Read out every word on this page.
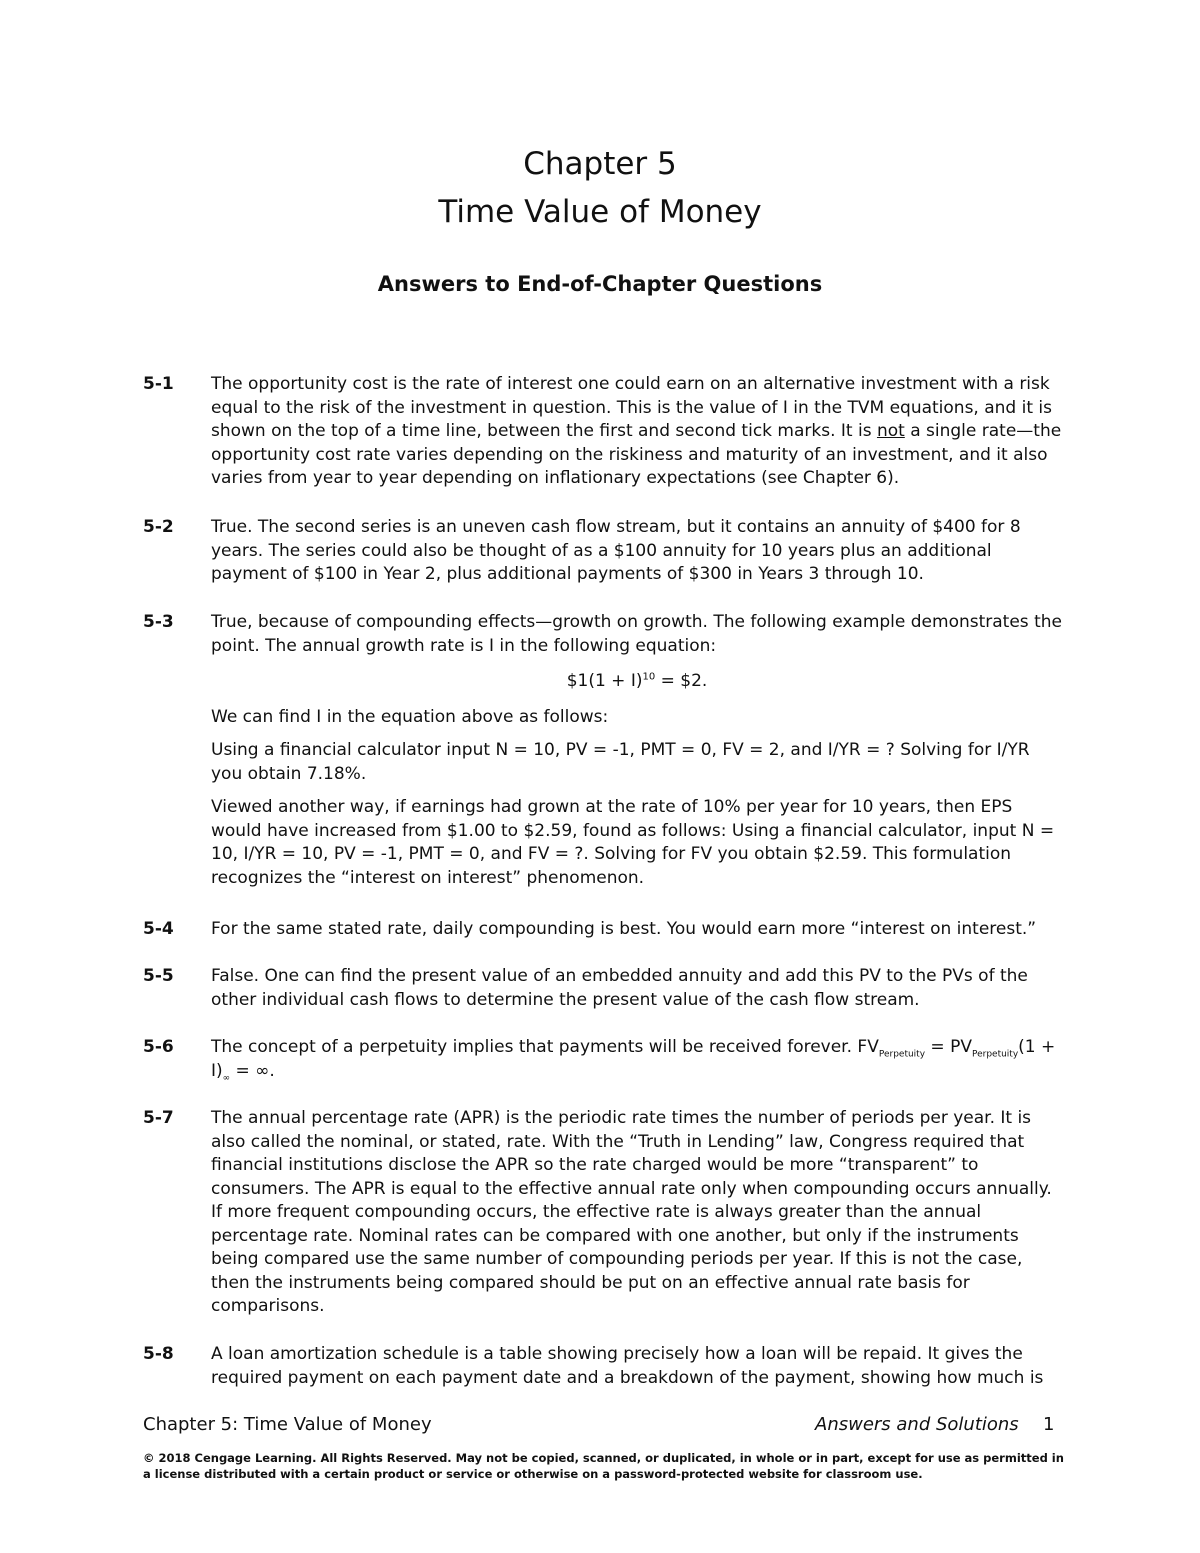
Chapter 5
Time Value of Money
Answers to End-of-Chapter Questions
5-1	The opportunity cost is the rate of interest one could earn on an alternative investment with a risk equal to the risk of the investment in question. This is the value of I in the TVM equations, and it is shown on the top of a time line, between the first and second tick marks. It is not a single rate—the opportunity cost rate varies depending on the riskiness and maturity of an investment, and it also varies from year to year depending on inflationary expectations (see Chapter 6).
5-2	True. The second series is an uneven cash flow stream, but it contains an annuity of $400 for 8 years. The series could also be thought of as a $100 annuity for 10 years plus an additional payment of $100 in Year 2, plus additional payments of $300 in Years 3 through 10.
5-3	True, because of compounding effects—growth on growth. The following example demonstrates the point. The annual growth rate is I in the following equation:

$1(1 + I)$^{10}$ = $2.

We can find I in the equation above as follows:

Using a financial calculator input N = 10, PV = -1, PMT = 0, FV = 2, and I/YR = ? Solving for I/YR you obtain 7.18%.

Viewed another way, if earnings had grown at the rate of 10% per year for 10 years, then EPS would have increased from $1.00 to $2.59, found as follows: Using a financial calculator, input N = 10, I/YR = 10, PV = -1, PMT = 0, and FV = ?. Solving for FV you obtain $2.59. This formulation recognizes the “interest on interest” phenomenon.

5-4	For the same stated rate, daily compounding is best. You would earn more “interest on interest.”
5-5	False. One can find the present value of an embedded annuity and add this PV to the PVs of the other individual cash flows to determine the present value of the cash flow stream.
5-6	The concept of a perpetuity implies that payments will be received forever. $FV_{Perpetuity} = PV_{Perpetuity}(1 + I)_\infty$ = ∞.
5-7	The annual percentage rate (APR) is the periodic rate times the number of periods per year. It is also called the nominal, or stated, rate. With the “Truth in Lending” law, Congress required that financial institutions disclose the APR so the rate charged would be more “transparent” to consumers. The APR is equal to the effective annual rate only when compounding occurs annually. If more frequent compounding occurs, the effective rate is always greater than the annual percentage rate. Nominal rates can be compared with one another, but only if the instruments being compared use the same number of compounding periods per year. If this is not the case, then the instruments being compared should be put on an effective annual rate basis for comparisons.
5-8	A loan amortization schedule is a table showing precisely how a loan will be repaid. It gives the required payment on each payment date and a breakdown of the payment, showing how much is
Chapter 5: Time Value of Money	Answers and Solutions 1
© 2018 Cengage Learning. All Rights Reserved. May not be copied, scanned, or duplicated, in whole or in part, except for use as permitted in a license distributed with a certain product or service or otherwise on a password-protected website for classroom use.
